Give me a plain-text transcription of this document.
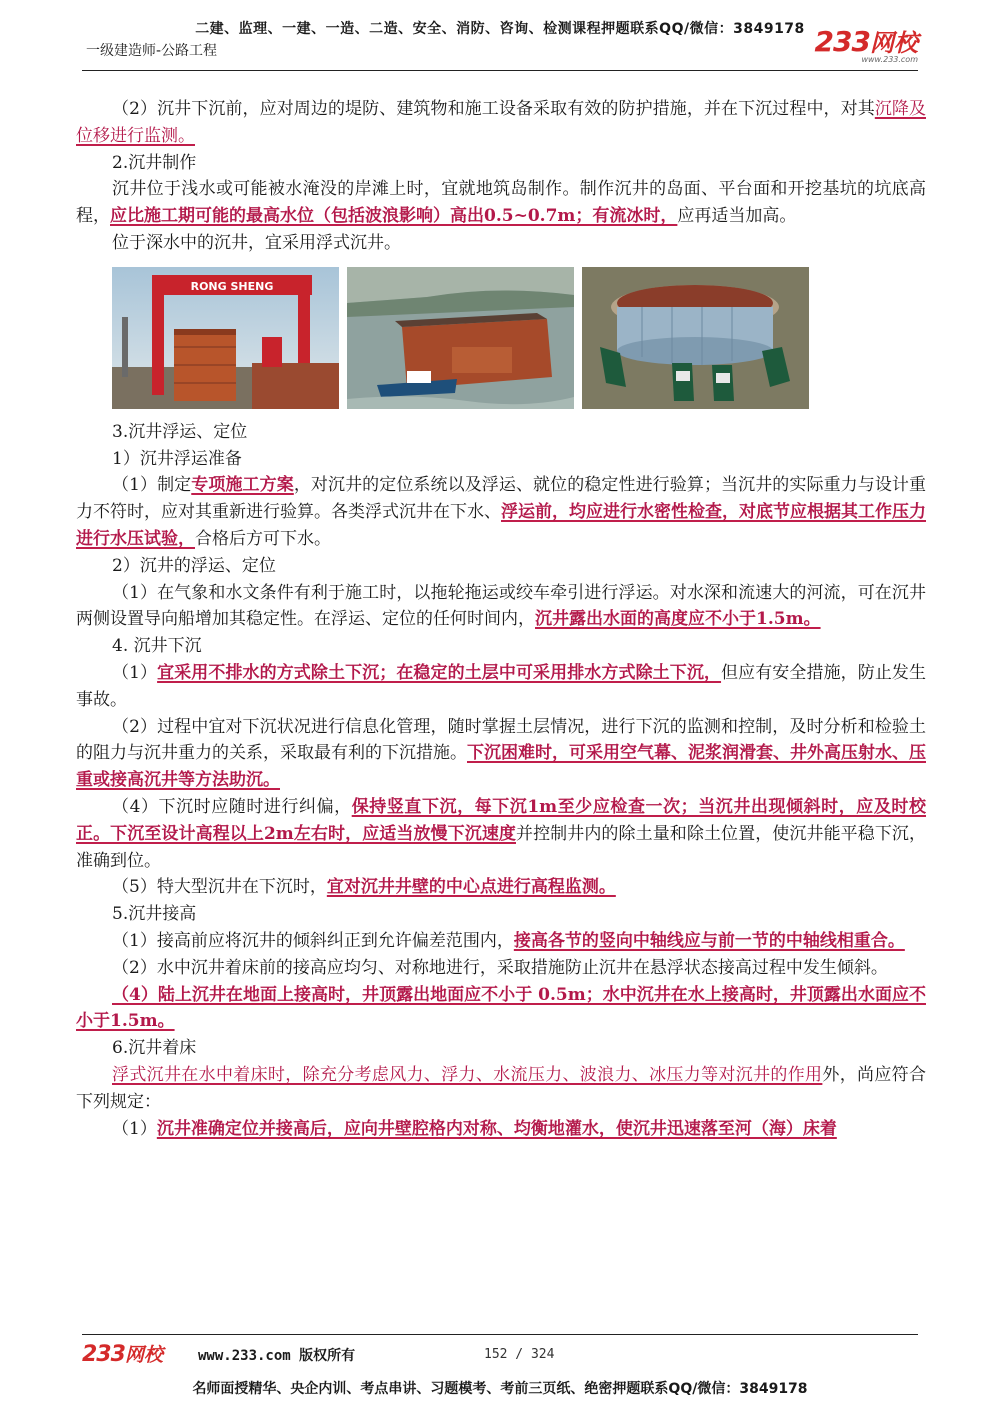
二建、监理、一建、一造、二造、安全、消防、咨询、检测课程押题联系QQ/微信：3849178
一级建造师-公路工程	233网校
www.233.com

（2）沉井下沉前，应对周边的堤防、建筑物和施工设备采取有效的防护措施，并在下沉过程中，对其沉降及位移进行监测。

2.沉井制作

沉井位于浅水或可能被水淹没的岸滩上时，宜就地筑岛制作。制作沉井的岛面、平台面和开挖基坑的坑底高程，应比施工期可能的最高水位（包括波浪影响）高出0.5~0.7m；有流冰时，应再适当加高。

位于深水中的沉井，宜采用浮式沉井。

RONG SHENG

3.沉井浮运、定位

1）沉井浮运准备

（1）制定专项施工方案，对沉井的定位系统以及浮运、就位的稳定性进行验算；当沉井的实际重力与设计重力不符时，应对其重新进行验算。各类浮式沉井在下水、浮运前，均应进行水密性检查，对底节应根据其工作压力进行水压试验，合格后方可下水。

2）沉井的浮运、定位

（1）在气象和水文条件有利于施工时，以拖轮拖运或绞车牵引进行浮运。对水深和流速大的河流，可在沉井两侧设置导向船增加其稳定性。在浮运、定位的任何时间内，沉井露出水面的高度应不小于1.5m。

4. 沉井下沉

（1）宜采用不排水的方式除土下沉；在稳定的土层中可采用排水方式除土下沉，但应有安全措施，防止发生事故。

（2）过程中宜对下沉状况进行信息化管理，随时掌握土层情况，进行下沉的监测和控制，及时分析和检验土的阻力与沉井重力的关系，采取最有利的下沉措施。下沉困难时，可采用空气幕、泥浆润滑套、井外高压射水、压重或接高沉井等方法助沉。

（4）下沉时应随时进行纠偏，保持竖直下沉，每下沉1m至少应检查一次；当沉井出现倾斜时，应及时校正。下沉至设计高程以上2m左右时，应适当放慢下沉速度并控制井内的除土量和除土位置，使沉井能平稳下沉，准确到位。

（5）特大型沉井在下沉时，宜对沉井井壁的中心点进行高程监测。

5.沉井接高

（1）接高前应将沉井的倾斜纠正到允许偏差范围内，接高各节的竖向中轴线应与前一节的中轴线相重合。

（2）水中沉井着床前的接高应均匀、对称地进行，采取措施防止沉井在悬浮状态接高过程中发生倾斜。

（4）陆上沉井在地面上接高时，井顶露出地面应不小于 0.5m；水中沉井在水上接高时，井顶露出水面应不小于1.5m。

6.沉井着床

浮式沉井在水中着床时，除充分考虑风力、浮力、水流压力、波浪力、冰压力等对沉井的作用外，尚应符合下列规定：

（1）沉井准确定位并接高后，应向井壁腔格内对称、均衡地灌水，使沉井迅速落至河（海）床着

233网校	www.233.com 版权所有	152 / 324
名师面授精华、央企内训、考点串讲、习题模考、考前三页纸、绝密押题联系QQ/微信：3849178
